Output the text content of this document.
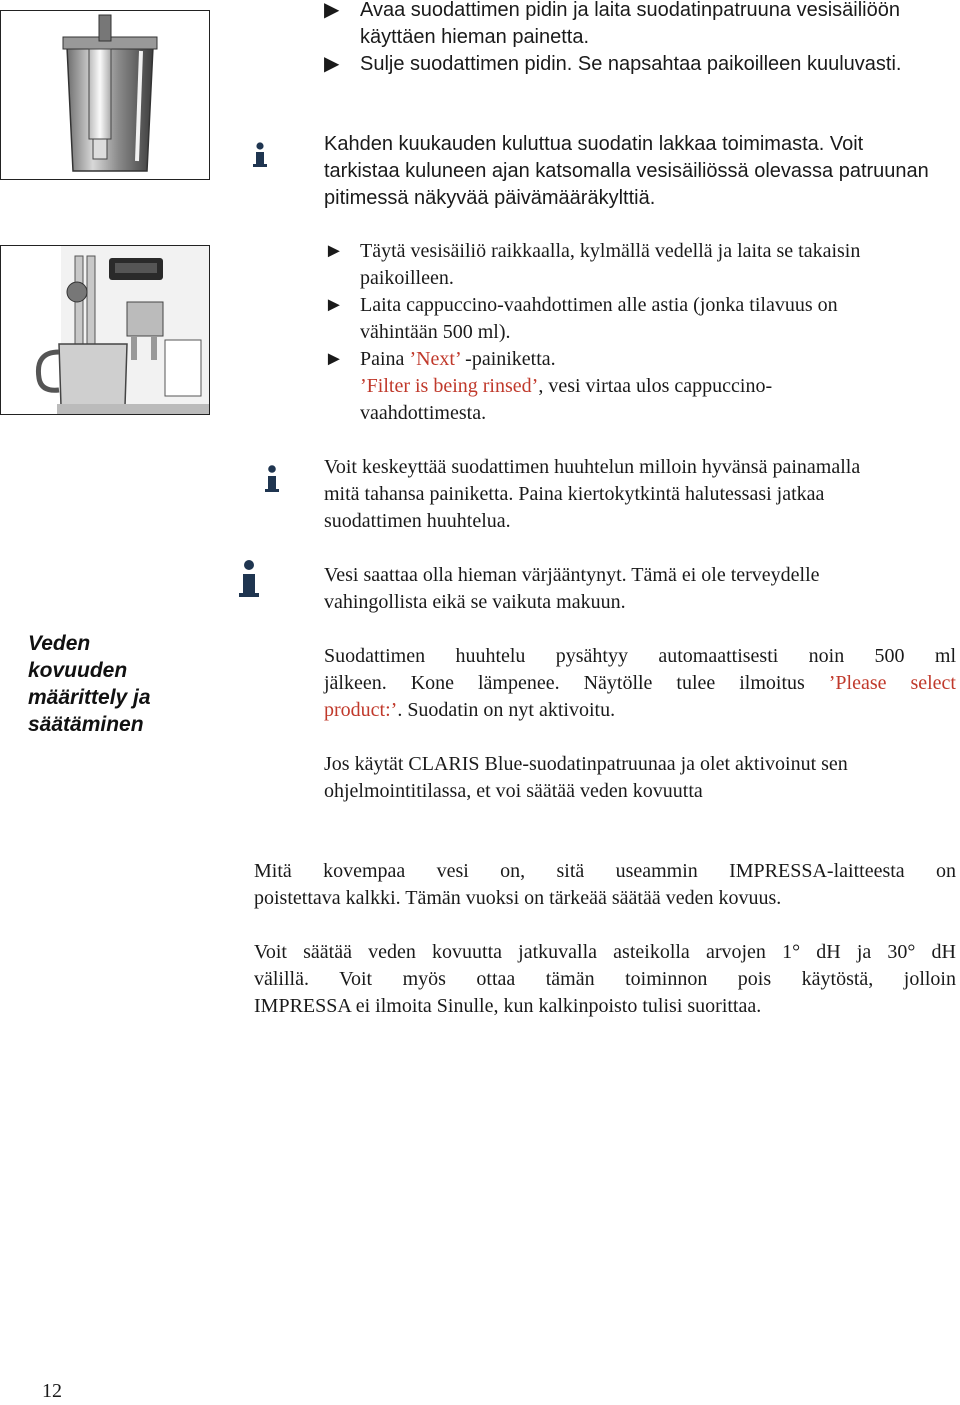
▶	Avaa suodattimen pidin ja laita suodatinpatruuna vesisäiliöön
käyttäen hieman painetta.
▶	Sulje suodattimen pidin. Se napsahtaa paikoilleen kuuluvasti.
Kahden kuukauden kuluttua suodatin lakkaa toimimasta. Voit
tarkistaa kuluneen ajan katsomalla vesisäiliössä olevassa patruunan
pitimessä näkyvää päivämääräkylttiä.
► Täytä vesisäiliö raikkaalla, kylmällä vedellä ja laita se takaisin
paikoilleen.
► Laita cappuccino-vaahdottimen alle astia (jonka tilavuus on
vähintään 500 ml).
► Paina ’Next’ -painiketta.
’Filter is being rinsed’, vesi virtaa ulos cappuccino-
vaahdottimesta.
Voit keskeyttää suodattimen huuhtelun milloin hyvänsä painamalla
mitä tahansa painiketta. Paina kiertokytkintä halutessasi jatkaa
suodattimen huuhtelua.
Vesi saattaa olla hieman värjääntynyt. Tämä ei ole terveydelle
vahingollista eikä se vaikuta makuun.
Veden
kovuuden
määrittely ja
säätäminen
Suodattimen huuhtelu pysähtyy automaattisesti noin 500 ml
jälkeen. Kone lämpenee. Näytölle tulee ilmoitus ’Please select
product:’. Suodatin on nyt aktivoitu.
Jos käytät CLARIS Blue-suodatinpatruunaa ja olet aktivoinut sen
ohjelmointitilassa, et voi säätää veden kovuutta
Mitä kovempaa vesi on, sitä useammin IMPRESSA-laitteesta on
poistettava kalkki. Tämän vuoksi on tärkeää säätää veden kovuus.
Voit säätää veden kovuutta jatkuvalla asteikolla arvojen 1° dH ja 30° dH
välillä. Voit myös ottaa tämän toiminnon pois käytöstä, jolloin
IMPRESSA ei ilmoita Sinulle, kun kalkinpoisto tulisi suorittaa.
12
